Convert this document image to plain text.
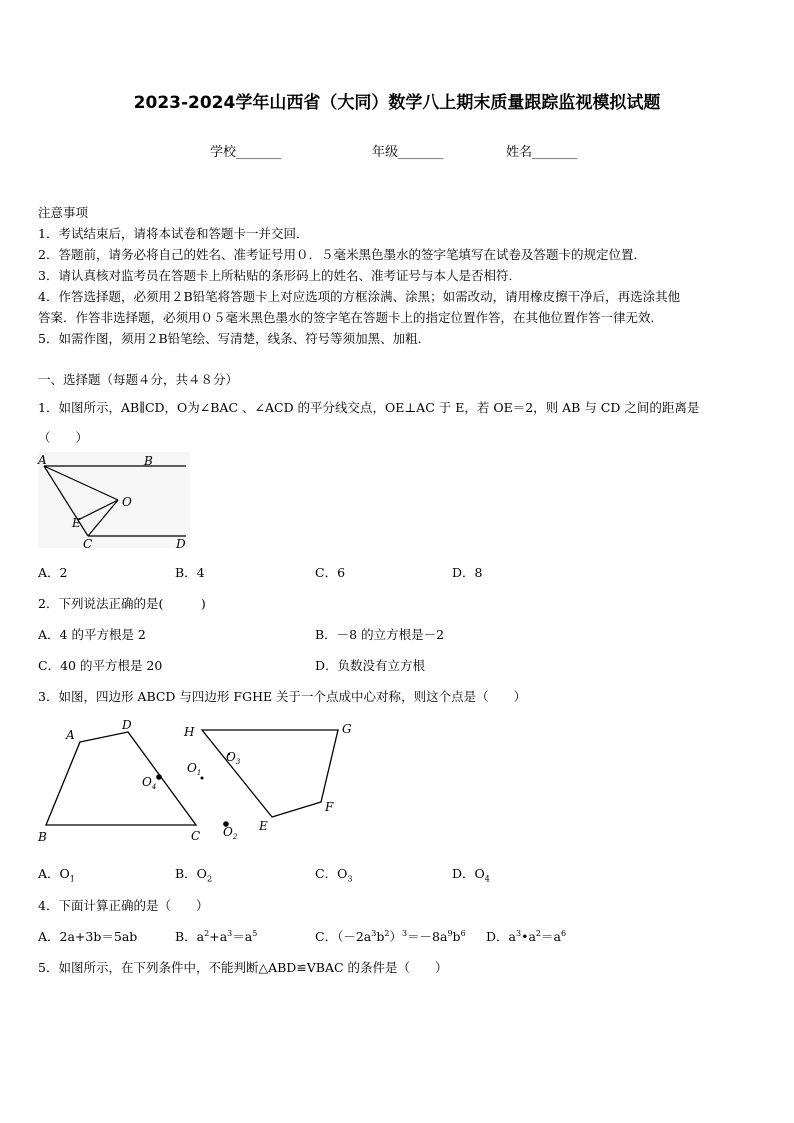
2023-2024学年山西省（大同）数学八上期末质量跟踪监视模拟试题
学校_______	年级_______	姓名_______
注意事项
1．考试结束后，请将本试卷和答题卡一并交回．
2．答题前，请务必将自己的姓名、准考证号用０．５毫米黑色墨水的签字笔填写在试卷及答题卡的规定位置．
3．请认真核对监考员在答题卡上所粘贴的条形码上的姓名、准考证号与本人是否相符．
4．作答选择题，必须用２B铅笔将答题卡上对应选项的方框涂满、涂黑；如需改动，请用橡皮擦干净后，再选涂其他
答案．作答非选择题，必须用０５毫米黑色墨水的签字笔在答题卡上的指定位置作答，在其他位置作答一律无效．
5．如需作图，须用２B铅笔绘、写清楚，线条、符号等须加黑、加粗．
一、选择题（每题４分，共４８分）
1．如图所示，AB∥CD，O为∠BAC 、∠ACD 的平分线交点，OE⊥AC 于 E，若 OE＝2，则 AB 与 CD 之间的距离是
（　　）
A	B
O
E
C	D
A．2	B．4	C．6	D．8
2．下列说法正确的是(　　　)
A．4 的平方根是 2	B．－8 的立方根是－2
C．40 的平方根是 20	D．负数没有立方根
3．如图，四边形 ABCD 与四边形 FGHE 关于一个点成中心对称，则这个点是（　　）
A
D
B	C
H	G
F
E
$O_4$
$O_1$
$O_3$
$O_2$
A．$O_1$	B．$O_2$	C．$O_3$	D．$O_4$
4．下面计算正确的是（　　）
A．2a+3b＝5ab	B．$a^2+a^3=a^5$	C．$(-2a^3b^2)^3=-8a^9b^6$ D．$a^3•a^2=a^6$
5．如图所示，在下列条件中，不能判断△ABD≌VBAC 的条件是（　　）
